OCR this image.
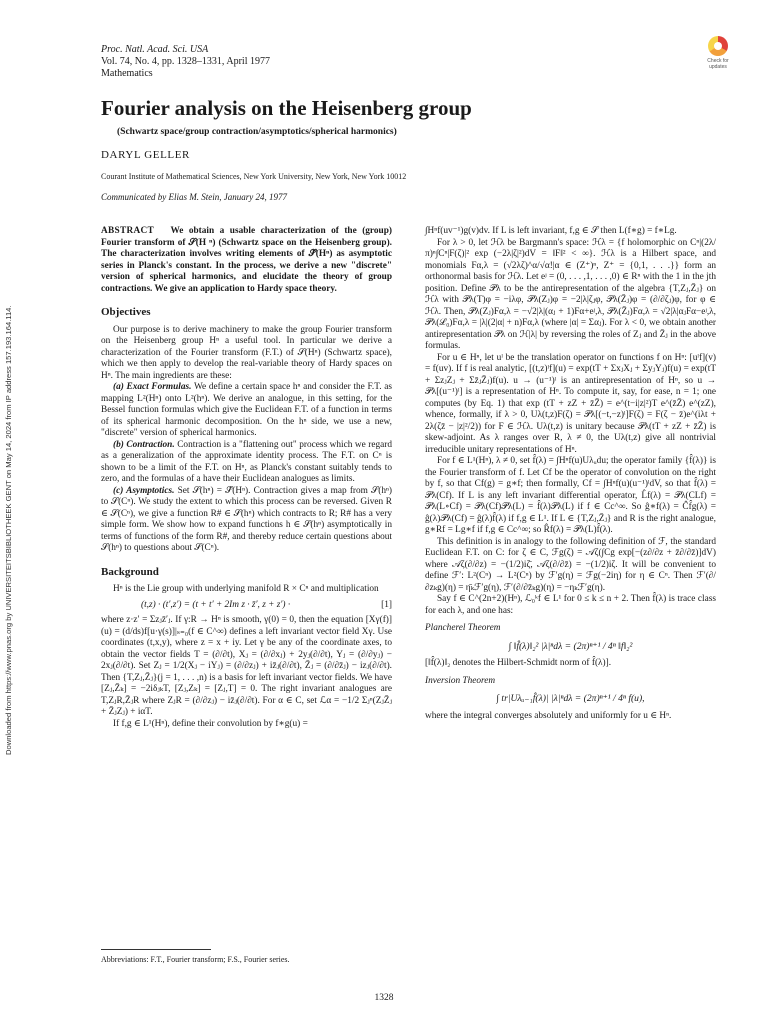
Downloaded from https://www.pnas.org by UNIVERSITEITSBIBLIOTHEEK GENT on May 14, 2024 from IP address 157.193.164.114.
Proc. Natl. Acad. Sci. USA
Vol. 74, No. 4, pp. 1328–1331, April 1977
Mathematics
Check for updates
Fourier analysis on the Heisenberg group

(Schwartz space/group contraction/asymptotics/spherical harmonics)

DARYL GELLER
Courant Institute of Mathematical Sciences, New York University, New York, New York 10012
Communicated by Elias M. Stein, January 24, 1977

ABSTRACT We obtain a usable characterization of the (group) Fourier transform of 𝒮(H ⁿ) (Schwartz space on the Heisenberg group). The characterization involves writing elements of 𝒮̂(Hⁿ) as asymptotic series in Planck's constant. In the process, we derive a new "discrete" version of spherical harmonics, and elucidate the theory of group contractions. We give an application to Hardy space theory.

Objectives

Our purpose is to derive machinery to make the group Fourier transform on the Heisenberg group Hⁿ a useful tool. In particular we derive a characterization of the Fourier transform (F.T.) of 𝒮(Hⁿ) (Schwartz space), which we then apply to develop the real-variable theory of Hardy spaces on Hⁿ. The main ingredients are these:

(a) Exact Formulas. We define a certain space hⁿ and consider the F.T. as mapping L²(Hⁿ) onto L²(hⁿ). We derive an analogue, in this setting, for the Bessel function formulas which give the Euclidean F.T. of a function in terms of its spherical harmonic decomposition. On the hⁿ side, we use a new, "discrete" version of spherical harmonics.

(b) Contraction. Contraction is a "flattening out" process which we regard as a generalization of the approximate identity process. The F.T. on Cⁿ is shown to be a limit of the F.T. on Hⁿ, as Planck's constant suitably tends to zero, and the formulas of a have their Euclidean analogues as limits.

(c) Asymptotics. Set 𝒮(hⁿ) = 𝒮̂(Hⁿ). Contraction gives a map from 𝒮(hⁿ) to 𝒮(Cⁿ). We study the extent to which this process can be reversed. Given R ∈ 𝒮(Cⁿ), we give a function R# ∈ 𝒮(hⁿ) which contracts to R; R# has a very simple form. We show how to expand functions h ∈ 𝒮(hⁿ) asymptotically in terms of functions of the form R#, and thereby reduce certain questions about 𝒮(hⁿ) to questions about 𝒮(Cⁿ).

Background

Hⁿ is the Lie group with underlying manifold R × Cⁿ and multiplication

(t,z) · (t′,z′) = (t + t′ + 2Im z · z̄′, z + z′) ·	[1]

where z·z′ = Σzⱼz̄′ⱼ. If γ:R → Hⁿ is smooth, γ(0) = 0, then the equation [Xγ(f)](u) = (d/ds)f[u·γ(s)]|ₛ₌₀(f ∈ C^∞) defines a left invariant vector field Xγ. Use coordinates (t,x,y), where z = x + iy. Let γ be any of the coordinate axes, to obtain the vector fields T = (∂/∂t), Xⱼ = (∂/∂xⱼ) + 2yⱼ(∂/∂t), Yⱼ = (∂/∂yⱼ) − 2xⱼ(∂/∂t). Set Zⱼ = 1/2(Xⱼ − iYⱼ) = (∂/∂zⱼ) + iz̄ⱼ(∂/∂t), Z̄ⱼ = (∂/∂z̄ⱼ) − izⱼ(∂/∂t). Then {T,Zⱼ,Z̄ⱼ}(j = 1, . . . ,n) is a basis for left invariant vector fields. We have [Zⱼ,Z̄ₖ] = −2iδⱼₖT, [Zⱼ,Zₖ] = [Zⱼ,T] = 0. The right invariant analogues are T,ZⱼR,Z̄ⱼR where ZⱼR = (∂/∂zⱼ) − iz̄ⱼ(∂/∂t). For α ∈ C, set ℒα = −1/2 Σⱼⁿ(ZⱼZ̄ⱼ + Z̄ⱼZⱼ) + iαT.

If f,g ∈ L¹(Hⁿ), define their convolution by f∗g(u) =

∫Hⁿf(uv⁻¹)g(v)dv. If L is left invariant, f,g ∈ 𝒮 then L(f∗g) = f∗Lg.

For λ > 0, let ℋλ be Bargmann's space: ℋλ = {f holomorphic on Cⁿ|(2λ/π)ⁿ∫Cⁿ|F(ζ)|² exp (−2λ|ζ|²)dV = ‖F‖² < ∞}. ℋλ is a Hilbert space, and monomials Fα,λ = (√2λζ)^α/√α!|α ∈ (Z⁺)ⁿ, Z⁺ = {0,1, . . .}} form an orthonormal basis for ℋλ. Let eʲ = (0, . . . ,1, . . . ,0) ∈ Rⁿ with the 1 in the jth position. Define 𝒫λ to be the antirepresentation of the algebra {T,Zⱼ,Z̄ⱼ} on ℋλ with 𝒫λ(T)φ = −iλφ, 𝒫λ(Zⱼ)φ = −2|λ|ζⱼφ, 𝒫λ(Z̄ⱼ)φ = (∂/∂ζⱼ)φ, for φ ∈ ℋλ. Then, 𝒫λ(Zⱼ)Fα,λ = −√2|λ|(αⱼ + 1)Fα+eʲ,λ, 𝒫λ(Z̄ⱼ)Fα,λ = √2|λ|αⱼFα−eʲ,λ, 𝒫λ(ℒ₀)Fα,λ = |λ|(2|α| + n)Fα,λ (where |α| = Σαⱼ). For λ < 0, we obtain another antirepresentation 𝒫λ on ℋ|λ| by reversing the roles of Zⱼ and Z̄ⱼ in the above formulas.

For u ∈ Hⁿ, let uˡ be the translation operator on functions f on Hⁿ: [uˡf](v) = f(uv). If f is real analytic, [(t,z)ˡf](u) = exp(tT + ΣxⱼXⱼ + ΣyⱼYⱼ)f(u) = exp(tT + ΣzⱼZⱼ + Σz̄ⱼZ̄ⱼ)f(u). u → (u⁻¹)ˡ is an antirepresentation of Hⁿ, so u → 𝒫λ[(u⁻¹)ˡ] is a representation of Hⁿ. To compute it, say, for ease, n = 1; one computes (by Eq. 1) that exp (tT + zZ + z̄Z̄) = e^(t−i|z|²)T e^(z̄Z̄) e^(zZ), whence, formally, if λ > 0, Uλ(t,z)F(ζ) = 𝒫λ[(−t,−z)ˡ]F(ζ) = F(ζ − z̄)e^(iλt + 2λ(ζz̄ − |z|²/2)) for F ∈ ℋλ. Uλ(t,z) is unitary because 𝒫λ(tT + zZ + z̄Z̄) is skew-adjoint. As λ ranges over R, λ ≠ 0, the Uλ(t,z) give all nontrivial irreducible unitary representations of Hⁿ.

For f ∈ L¹(Hⁿ), λ ≠ 0, set f̂(λ) = ∫Hⁿf(u)Uλᵤdu; the operator family {f̂(λ)} is the Fourier transform of f. Let Cf be the operator of convolution on the right by f, so that Cf(g) = g∗f; then formally, Cf = ∫Hⁿf(u)(u⁻¹)ˡdV, so that f̂(λ) = 𝒫λ(Cf). If L is any left invariant differential operator, L̂f(λ) = 𝒫λ(CLf) = 𝒫λ(L∘Cf) = 𝒫λ(Cf)𝒫λ(L) = f̂(λ)𝒫λ(L) if f ∈ Cc^∞. So ĝ∗f(λ) = Ĉf̂g(λ) = ĝ(λ)𝒫λ(Cf) = ĝ(λ)f̂(λ) if f,g ∈ L¹. If L ∈ {T,Zⱼ,Z̄ⱼ} and R is the right analogue, g∗Rf = Lg∗f if f,g ∈ Cc^∞; so R̂f(λ) = 𝒫λ(L)f̂(λ).

This definition is in analogy to the following definition of ℱ, the standard Euclidean F.T. on C: for ζ ∈ C, ℱg(ζ) = 𝒜ζ(∫Cg exp[−(z∂/∂z + z̄∂/∂z̄)]dV) where 𝒜ζ(∂/∂z) = −(1/2)iζ̄, 𝒜ζ(∂/∂z̄) = −(1/2)iζ. It will be convenient to define ℱ′: L²(Cⁿ) → L²(Cⁿ) by ℱ′g(η) = ℱg(−2iη) for η ∈ Cⁿ. Then ℱ′(∂/∂zₖg)(η) = η̄ₖℱ′g(η), ℱ′(∂/∂z̄ₖg)(η) = −ηₖℱ′g(η).

Say f ∈ C^(2n+2)(Hⁿ), ℒ₀ᵏf ∈ L¹ for 0 ≤ k ≤ n + 2. Then f̂(λ) is trace class for each λ, and one has:

Plancherel Theorem
∫ ‖f̂(λ)‖₂² |λ|ⁿdλ = (2π)ⁿ⁺¹ / 4ⁿ ‖f‖₂²

[‖f̂(λ)‖₂ denotes the Hilbert-Schmidt norm of f̂(λ)].

Inversion Theorem
∫ tr|Uλᵤ₋₁f̂(λ)| |λ|ⁿdλ = (2π)ⁿ⁺¹ / 4ⁿ f(u),

where the integral converges absolutely and uniformly for u ∈ Hⁿ.

Abbreviations: F.T., Fourier transform; F.S., Fourier series.
1328
